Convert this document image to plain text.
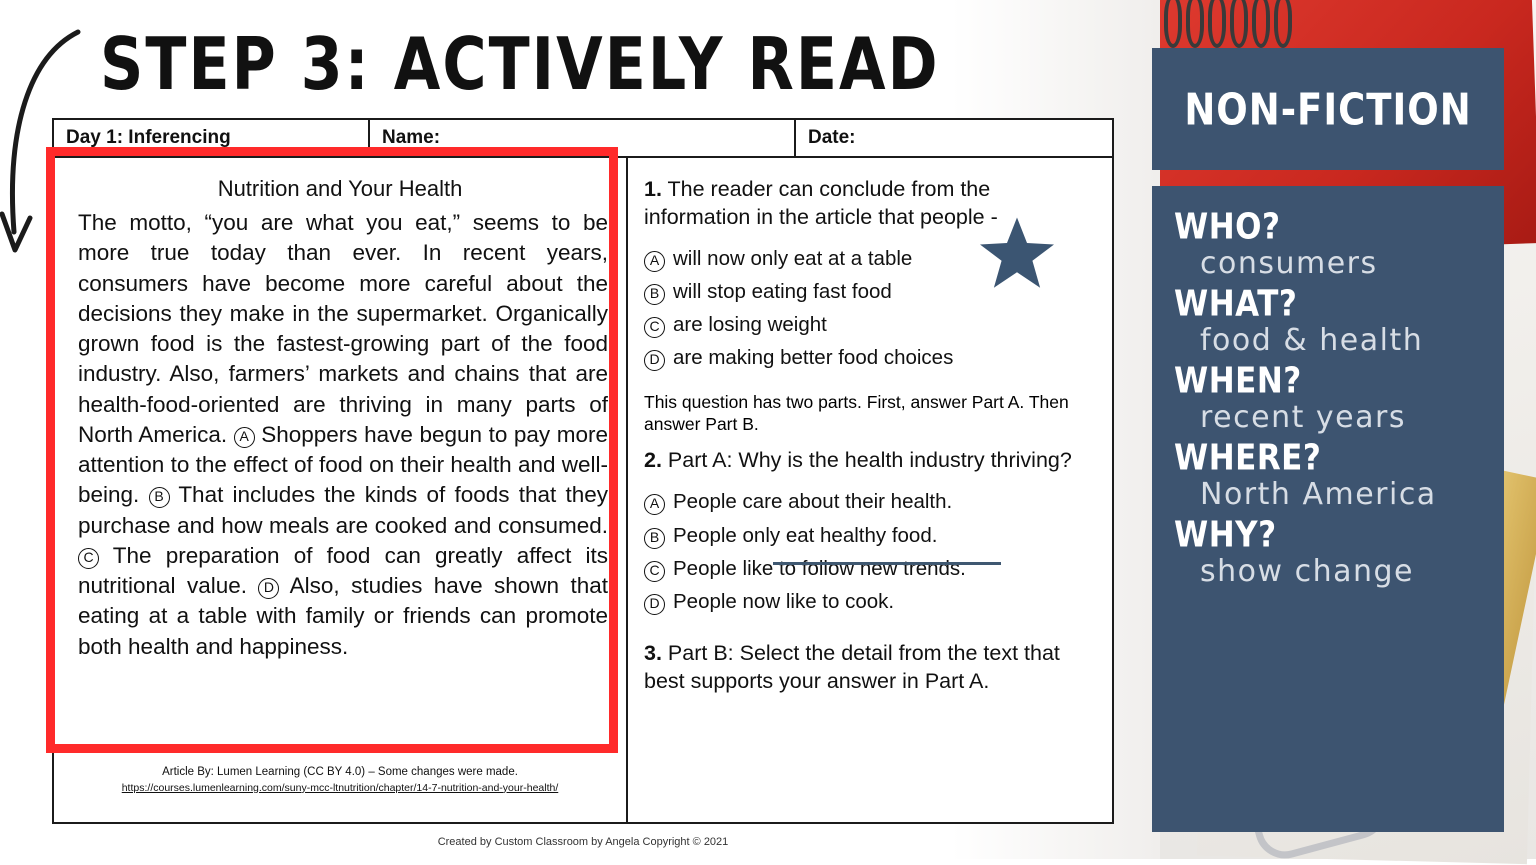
STEP 3: ACTIVELY READ
Day 1: Inferencing	Name:	Date:
Nutrition and Your Health
The motto, “you are what you eat,” seems to be more true today than ever. In recent years, consumers have become more careful about the decisions they make in the supermarket. Organically grown food is the fastest-growing part of the food industry. Also, farmers’ markets and chains that are health-food-oriented are thriving in many parts of North America. A Shoppers have begun to pay more attention to the effect of food on their health and well-being. B That includes the kinds of foods that they purchase and how meals are cooked and consumed. C The preparation of food can greatly affect its nutritional value. D Also, studies have shown that eating at a table with family or friends can promote both health and happiness.
Article By: Lumen Learning (CC BY 4.0) – Some changes were made.
https://courses.lumenlearning.com/suny-mcc-ltnutrition/chapter/14-7-nutrition-and-your-health/
1. The reader can conclude from the information in the article that people -
A will now only eat at a table
B will stop eating fast food
C are losing weight
D are making better food choices
This question has two parts. First, answer Part A. Then answer Part B.
2. Part A: Why is the health industry thriving?
A People care about their health.
B People only eat healthy food.
C People like to follow new trends.
D People now like to cook.
3. Part B: Select the detail from the text that best supports your answer in Part A.
Created by Custom Classroom by Angela Copyright © 2021
NON-FICTION
WHO?
consumers
WHAT?
food & health
WHEN?
recent years
WHERE?
North America
WHY?
show change
